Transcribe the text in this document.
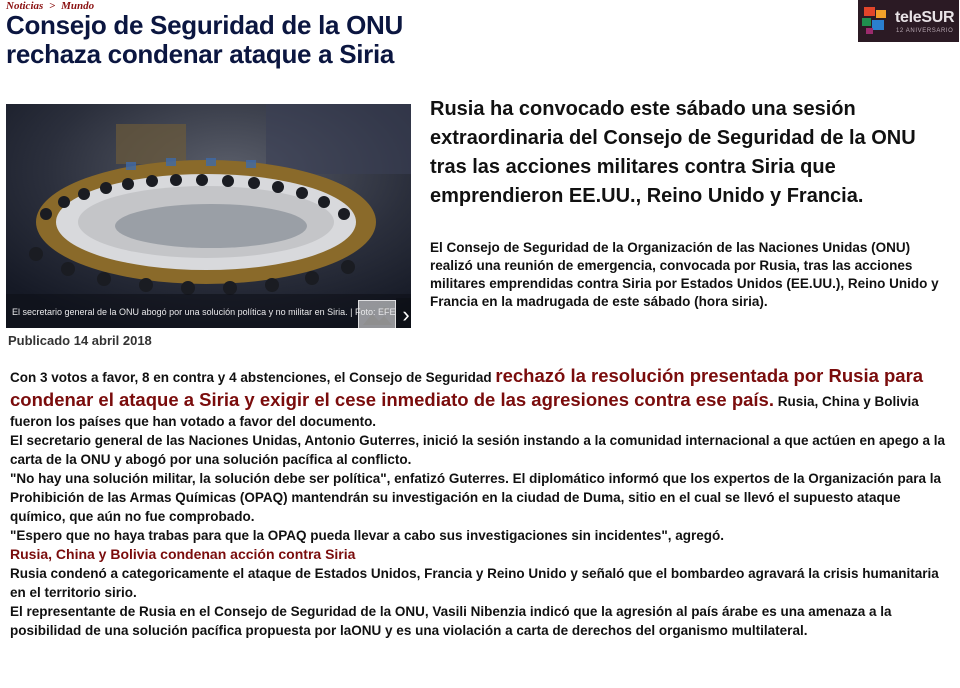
Noticias > Mundo
Consejo de Seguridad de la ONU rechaza condenar ataque a Siria
teleSUR
12 ANIVERSARIO
›
El secretario general de la ONU abogó por una solución política y no militar en Siria. | Foto: EFE
Publicado 14 abril 2018

Rusia ha convocado este sábado una sesión extraordinaria del Consejo de Seguridad de la ONU tras las acciones militares contra Siria que emprendieron EE.UU., Reino Unido y Francia.

El Consejo de Seguridad de la Organización de las Naciones Unidas (ONU) realizó una reunión de emergencia, convocada por Rusia, tras las acciones militares emprendidas contra Siria por Estados Unidos (EE.UU.), Reino Unido y Francia en la madrugada de este sábado (hora siria).

Con 3 votos a favor, 8 en contra y 4 abstenciones, el Consejo de Seguridad rechazó la resolución presentada por Rusia para condenar el ataque a Siria y exigir el cese inmediato de las agresiones contra ese país. Rusia, China y Bolivia fueron los países que han votado a favor del documento.

El secretario general de las Naciones Unidas, Antonio Guterres, inició la sesión instando a la comunidad internacional a que actúen en apego a la carta de la ONU y abogó por una solución pacífica al conflicto.

"No hay una solución militar, la solución debe ser política", enfatizó Guterres. El diplomático informó que los expertos de la Organización para la Prohibición de las Armas Químicas (OPAQ) mantendrán su investigación en la ciudad de Duma, sitio en el cual se llevó el supuesto ataque químico, que aún no fue comprobado.

"Espero que no haya trabas para que la OPAQ pueda llevar a cabo sus investigaciones sin incidentes", agregó.

Rusia, China y Bolivia condenan acción contra Siria

Rusia condenó a categoricamente el ataque de Estados Unidos, Francia y Reino Unido y señaló que el bombardeo agravará la crisis humanitaria en el territorio sirio.

El representante de Rusia en el Consejo de Seguridad de la ONU, Vasili Nibenzia indicó que la agresión al país árabe es una amenaza a la posibilidad de una solución pacífica propuesta por laONU y es una violación a carta de derechos del organismo multilateral.
